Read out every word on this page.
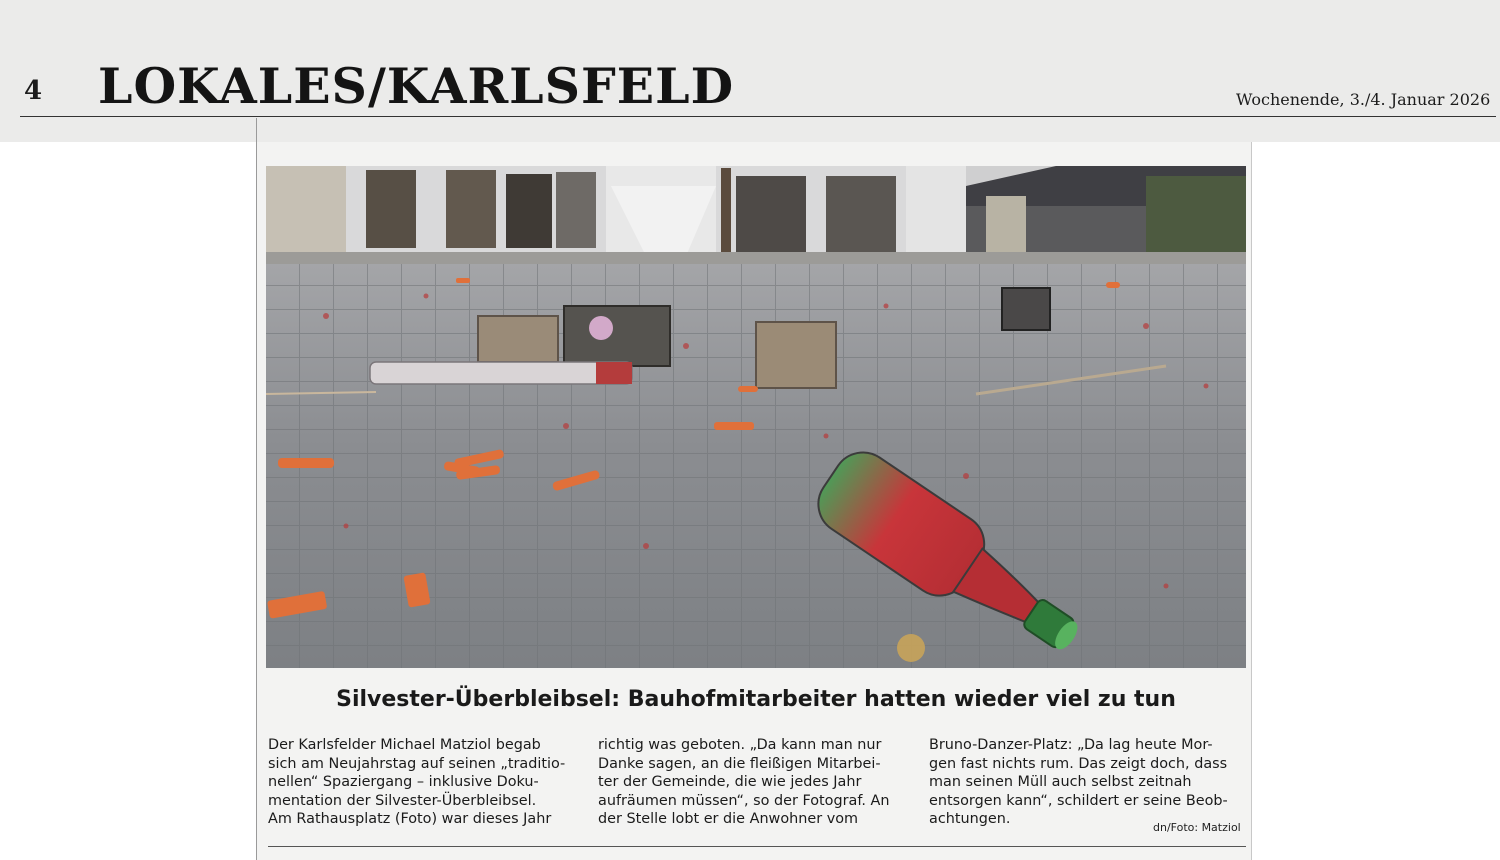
4 LOKALES/KARLSFELD	Wochenende, 3./4. Januar 2026
Silvester-Überbleibsel: Bauhofmitarbeiter hatten wieder viel zu tun
Der Karlsfelder Michael Matziol begab
sich am Neujahrstag auf seinen „traditio-
nellen“ Spaziergang – inklusive Doku-
mentation der Silvester-Überbleibsel.
Am Rathausplatz (Foto) war dieses Jahr
richtig was geboten. „Da kann man nur
Danke sagen, an die fleißigen Mitarbei-
ter der Gemeinde, die wie jedes Jahr
aufräumen müssen“, so der Fotograf. An
der Stelle lobt er die Anwohner vom
Bruno-Danzer-Platz: „Da lag heute Mor-
gen fast nichts rum. Das zeigt doch, dass
man seinen Müll auch selbst zeitnah
entsorgen kann“, schildert er seine Beob-
achtungen.
dn/Foto: Matziol
